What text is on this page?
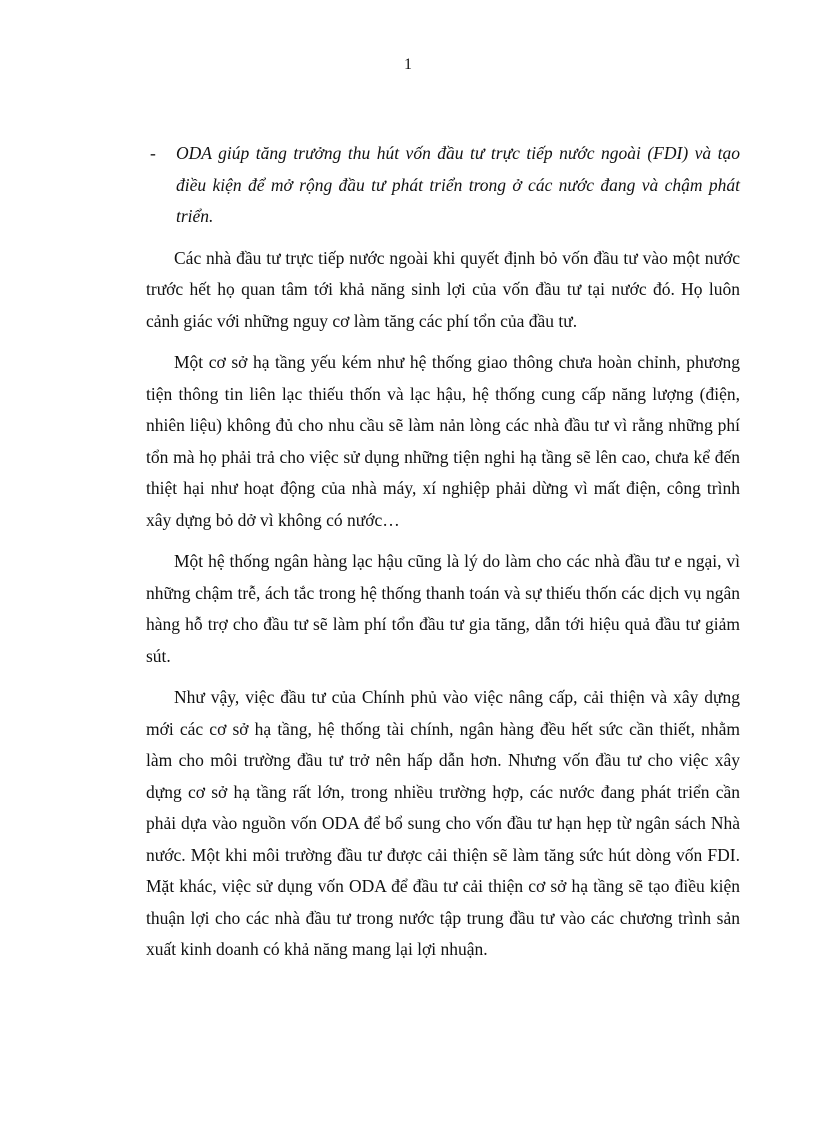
1

- ODA giúp tăng trưởng thu hút vốn đầu tư trực tiếp nước ngoài (FDI) và tạo điều kiện để mở rộng đầu tư phát triển trong ở các nước đang và chậm phát triển.

Các nhà đầu tư trực tiếp nước ngoài khi quyết định bỏ vốn đầu tư vào một nước trước hết họ quan tâm tới khả năng sinh lợi của vốn đầu tư tại nước đó. Họ luôn cảnh giác với những nguy cơ làm tăng các phí tổn của đầu tư.

Một cơ sở hạ tầng yếu kém như hệ thống giao thông chưa hoàn chỉnh, phương tiện thông tin liên lạc thiếu thốn và lạc hậu, hệ thống cung cấp năng lượng (điện, nhiên liệu) không đủ cho nhu cầu sẽ làm nản lòng các nhà đầu tư vì rằng những phí tổn mà họ phải trả cho việc sử dụng những tiện nghi hạ tầng sẽ lên cao, chưa kể đến thiệt hại như hoạt động của nhà máy, xí nghiệp phải dừng vì mất điện, công trình xây dựng bỏ dở vì không có nước…

Một hệ thống ngân hàng lạc hậu cũng là lý do làm cho các nhà đầu tư e ngại, vì những chậm trễ, ách tắc trong hệ thống thanh toán và sự thiếu thốn các dịch vụ ngân hàng hỗ trợ cho đầu tư sẽ làm phí tổn đầu tư gia tăng, dẫn tới hiệu quả đầu tư giảm sút.

Như vậy, việc đầu tư của Chính phủ vào việc nâng cấp, cải thiện và xây dựng mới các cơ sở hạ tầng, hệ thống tài chính, ngân hàng đều hết sức cần thiết, nhằm làm cho môi trường đầu tư trở nên hấp dẫn hơn. Nhưng vốn đầu tư cho việc xây dựng cơ sở hạ tầng rất lớn, trong nhiều trường hợp, các nước đang phát triển cần phải dựa vào nguồn vốn ODA để bổ sung cho vốn đầu tư hạn hẹp từ ngân sách Nhà nước. Một khi môi trường đầu tư được cải thiện sẽ làm tăng sức hút dòng vốn FDI. Mặt khác, việc sử dụng vốn ODA để đầu tư cải thiện cơ sở hạ tầng sẽ tạo điều kiện thuận lợi cho các nhà đầu tư trong nước tập trung đầu tư vào các chương trình sản xuất kinh doanh có khả năng mang lại lợi nhuận.
